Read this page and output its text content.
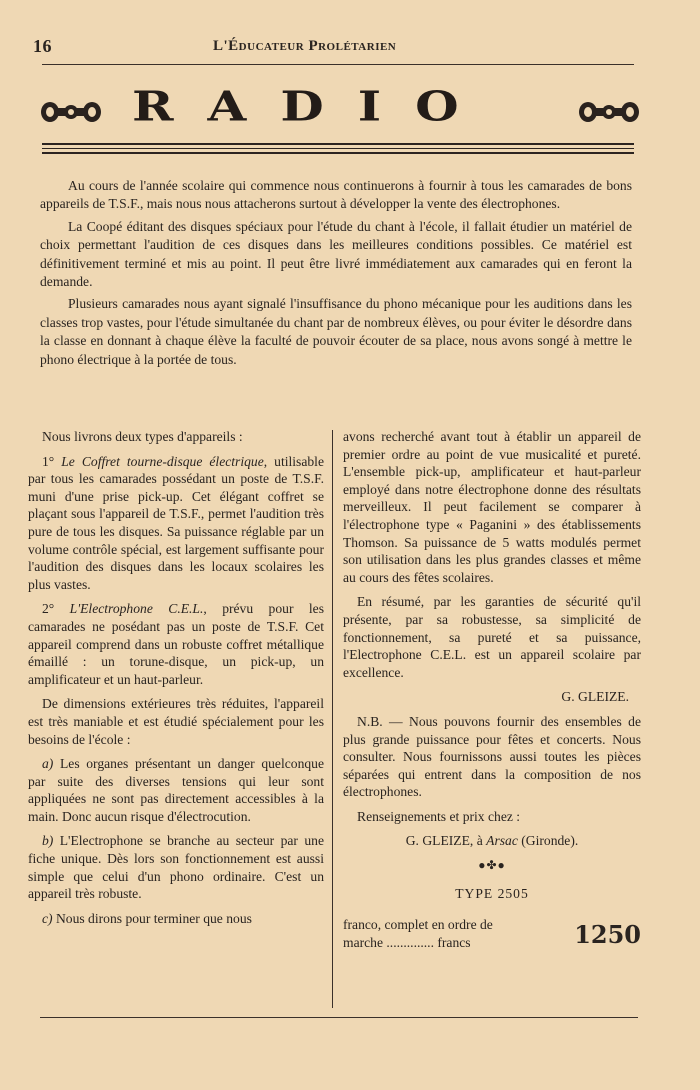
16	L'Éducateur Prolétarien
RADIO

Au cours de l'année scolaire qui commence nous continuerons à fournir à tous les camarades de bons appareils de T.S.F., mais nous nous attacherons surtout à développer la vente des électrophones.

La Coopé éditant des disques spéciaux pour l'étude du chant à l'école, il fallait étudier un matériel de choix permettant l'audition de ces disques dans les meilleures conditions possibles. Ce matériel est définitivement terminé et mis au point. Il peut être livré immédiatement aux camarades qui en feront la demande.

Plusieurs camarades nous ayant signalé l'insuffisance du phono mécanique pour les auditions dans les classes trop vastes, pour l'étude simultanée du chant par de nombreux élèves, ou pour éviter le désordre dans la classe en donnant à chaque élève la faculté de pouvoir écouter de sa place, nous avons songé à mettre le phono électrique à la portée de tous.

Nous livrons deux types d'appareils :

1° Le Coffret tourne-disque électrique, utilisable par tous les camarades possédant un poste de T.S.F. muni d'une prise pick-up. Cet élégant coffret se plaçant sous l'appareil de T.S.F., permet l'audition très pure de tous les disques. Sa puissance réglable par un volume contrôle spécial, est largement suffisante pour l'audition des disques dans les locaux scolaires les plus vastes.

2° L'Electrophone C.E.L., prévu pour les camarades ne posédant pas un poste de T.S.F. Cet appareil comprend dans un robuste coffret métallique émaillé : un torune-disque, un pick-up, un amplificateur et un haut-parleur.

De dimensions extérieures très réduites, l'appareil est très maniable et est étudié spécialement pour les besoins de l'école :

a) Les organes présentant un danger quelconque par suite des diverses tensions qui leur sont appliquées ne sont pas directement accessibles à la main. Donc aucun risque d'électrocution.

b) L'Electrophone se branche au secteur par une fiche unique. Dès lors son fonctionnement est aussi simple que celui d'un phono ordinaire. C'est un appareil très robuste.

c) Nous dirons pour terminer que nous

avons recherché avant tout à établir un appareil de premier ordre au point de vue musicalité et pureté. L'ensemble pick-up, amplificateur et haut-parleur employé dans notre électrophone donne des résultats merveilleux. Il peut facilement se comparer à l'électrophone type « Paganini » des établissements Thomson. Sa puissance de 5 watts modulés permet son utilisation dans les plus grandes classes et même au cours des fêtes scolaires.

En résumé, par les garanties de sécurité qu'il présente, par sa robustesse, sa simplicité de fonctionnement, sa pureté et sa puissance, l'Electrophone C.E.L. est un appareil scolaire par excellence.

G. GLEIZE.

N.B. — Nous pouvons fournir des ensembles de plus grande puissance pour fêtes et concerts. Nous consulter. Nous fournissons aussi toutes les pièces séparées qui entrent dans la composition de nos électrophones.

Renseignements et prix chez :

G. GLEIZE, à Arsac (Gironde).

●✤●
TYPE 2505
franco, complet en ordre de
marche .............. francs	1250
